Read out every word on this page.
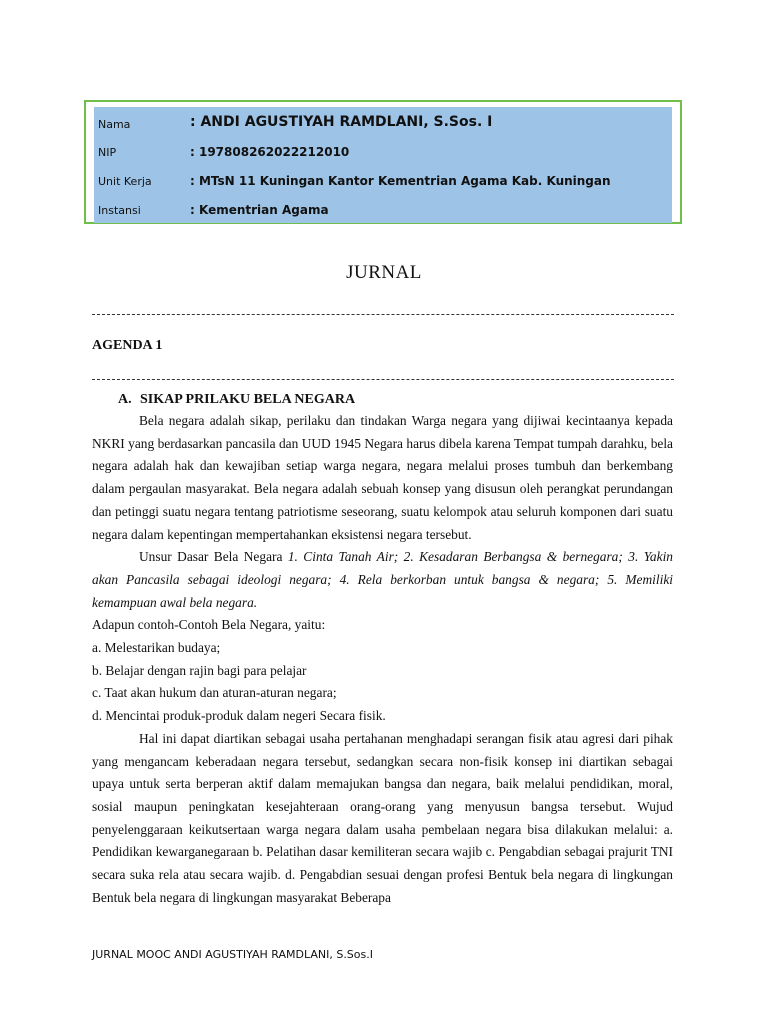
Nama	: ANDI AGUSTIYAH RAMDLANI, S.Sos. I
NIP	: 197808262022212010
Unit Kerja	: MTsN 11 Kuningan Kantor Kementrian Agama Kab. Kuningan
Instansi	: Kementrian Agama
JURNAL
AGENDA 1
A. SIKAP PRILAKU BELA NEGARA

Bela negara adalah sikap, perilaku dan tindakan Warga negara yang dijiwai kecintaanya kepada NKRI yang berdasarkan pancasila dan UUD 1945 Negara harus dibela karena Tempat tumpah darahku, bela negara adalah hak dan kewajiban setiap warga negara, negara melalui proses tumbuh dan berkembang dalam pergaulan masyarakat. Bela negara adalah sebuah konsep yang disusun oleh perangkat perundangan dan petinggi suatu negara tentang patriotisme seseorang, suatu kelompok atau seluruh komponen dari suatu negara dalam kepentingan mempertahankan eksistensi negara tersebut.

Unsur Dasar Bela Negara 1. Cinta Tanah Air; 2. Kesadaran Berbangsa & bernegara; 3. Yakin akan Pancasila sebagai ideologi negara; 4. Rela berkorban untuk bangsa & negara; 5. Memiliki kemampuan awal bela negara.

Adapun contoh-Contoh Bela Negara, yaitu:
a. Melestarikan budaya;
b. Belajar dengan rajin bagi para pelajar
c. Taat akan hukum dan aturan-aturan negara;
d. Mencintai produk-produk dalam negeri Secara fisik.

Hal ini dapat diartikan sebagai usaha pertahanan menghadapi serangan fisik atau agresi dari pihak yang mengancam keberadaan negara tersebut, sedangkan secara non-fisik konsep ini diartikan sebagai upaya untuk serta berperan aktif dalam memajukan bangsa dan negara, baik melalui pendidikan, moral, sosial maupun peningkatan kesejahteraan orang-orang yang menyusun bangsa tersebut. Wujud penyelenggaraan keikutsertaan warga negara dalam usaha pembelaan negara bisa dilakukan melalui: a. Pendidikan kewarganegaraan b. Pelatihan dasar kemiliteran secara wajib c. Pengabdian sebagai prajurit TNI secara suka rela atau secara wajib. d. Pengabdian sesuai dengan profesi Bentuk bela negara di lingkungan Bentuk bela negara di lingkungan masyarakat Beberapa

JURNAL MOOC ANDI AGUSTIYAH RAMDLANI, S.Sos.I
